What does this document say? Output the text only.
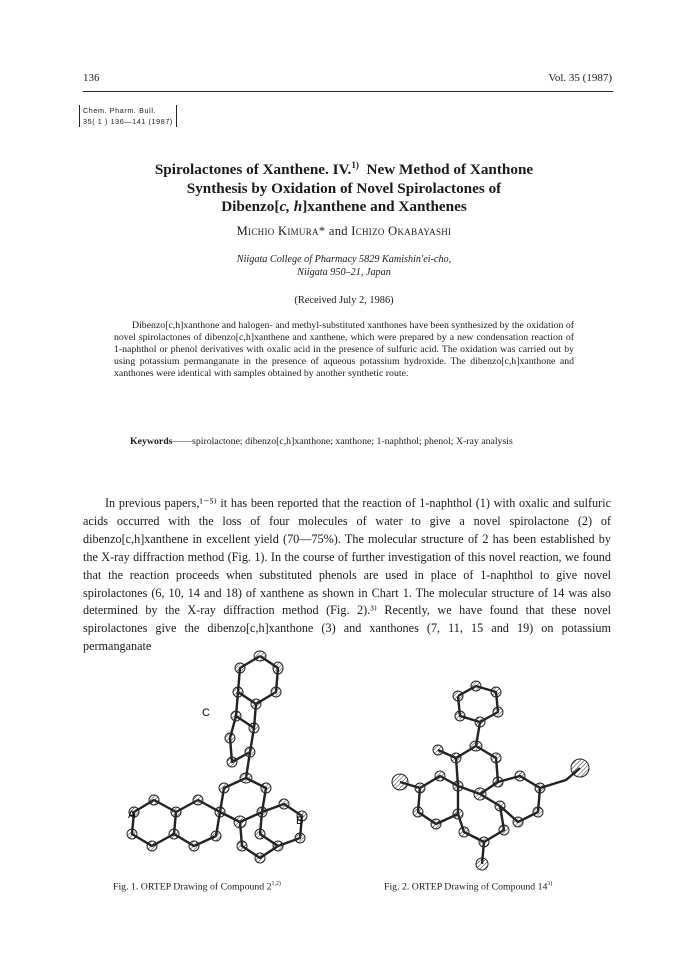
136	Vol. 35 (1987)
Chem. Pharm. Bull.
35( 1 ) 136—141 (1987)
Spirolactones of Xanthene. IV.$^{1)}$ New Method of Xanthone
Synthesis by Oxidation of Novel Spirolactones of
Dibenzo[c, h]xanthene and Xanthenes
Michio Kimura* and Ichizo Okabayashi
Niigata College of Pharmacy 5829 Kamishin'ei-cho,
Niigata 950–21, Japan
(Received July 2, 1986)
Dibenzo[c,h]xanthone and halogen- and methyl-substituted xanthones have been synthesized by the oxidation of novel spirolactones of dibenzo[c,h]xanthene and xanthene, which were prepared by a new condensation reaction of 1-naphthol or phenol derivatives with oxalic acid in the presence of sulfuric acid. The oxidation was carried out by using potassium permanganate in the presence of aqueous potassium hydroxide. The dibenzo[c,h]xanthone and xanthones were identical with samples obtained by another synthetic route.
Keywords——spirolactone; dibenzo[c,h]xanthone; xanthone; 1-naphthol; phenol; X-ray analysis
In previous papers,¹⁻⁵⁾ it has been reported that the reaction of 1-naphthol (1) with oxalic and sulfuric acids occurred with the loss of four molecules of water to give a novel spirolactone (2) of dibenzo[c,h]xanthene in excellent yield (70—75%). The molecular structure of 2 has been established by the X-ray diffraction method (Fig. 1). In the course of further investigation of this novel reaction, we found that the reaction proceeds when substituted phenols are used in place of 1-naphthol to give novel spirolactones (6, 10, 14 and 18) of xanthene as shown in Chart 1. The molecular structure of 14 was also determined by the X-ray diffraction method (Fig. 2).³⁾ Recently, we have found that these novel spirolactones give the dibenzo[c,h]xanthone (3) and xanthones (7, 11, 15 and 19) on potassium permanganate
C
A	B
Fig. 1. ORTEP Drawing of Compound 2$^{1,2)}$	Fig. 2. ORTEP Drawing of Compound 14$^{3)}$
